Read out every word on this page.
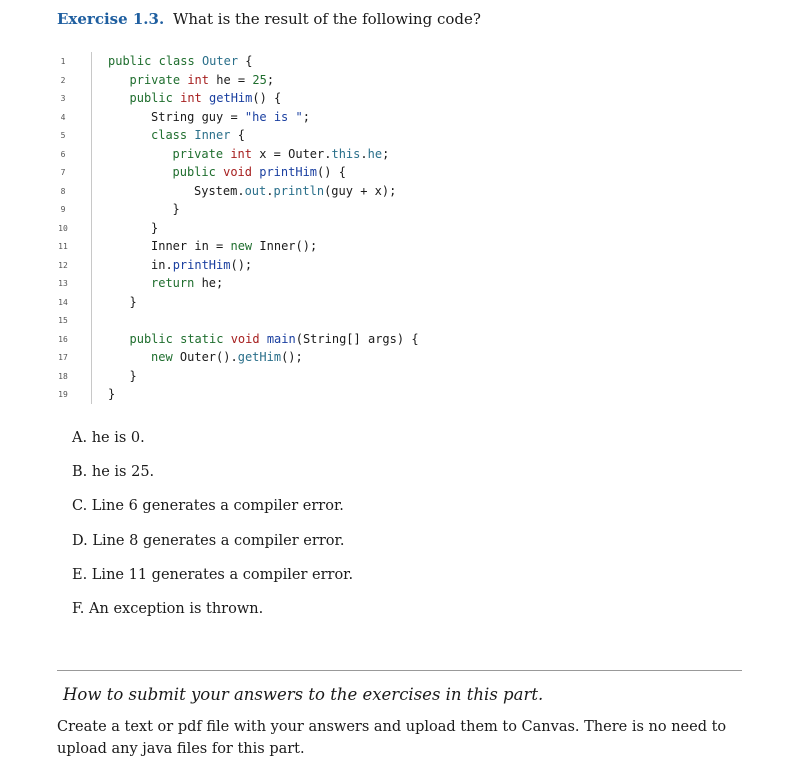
Exercise 1.3. What is the result of the following code?
1	public class Outer {
2	private int he = 25;
3	public int getHim() {
4	String guy = "he is ";
5	class Inner {
6	private int x = Outer.this.he;
7	public void printHim() {
8	System.out.println(guy + x);
9	}
10	}
11	Inner in = new Inner();
12	in.printHim();
13	return he;
14	}
15
16	public static void main(String[] args) {
17	new Outer().getHim();
18	}
19	}
A. he is 0.
B. he is 25.
C. Line 6 generates a compiler error.
D. Line 8 generates a compiler error.
E. Line 11 generates a compiler error.
F. An exception is thrown.
How to submit your answers to the exercises in this part.
Create a text or pdf file with your answers and upload them to Canvas. There is no need to upload any java files for this part.
